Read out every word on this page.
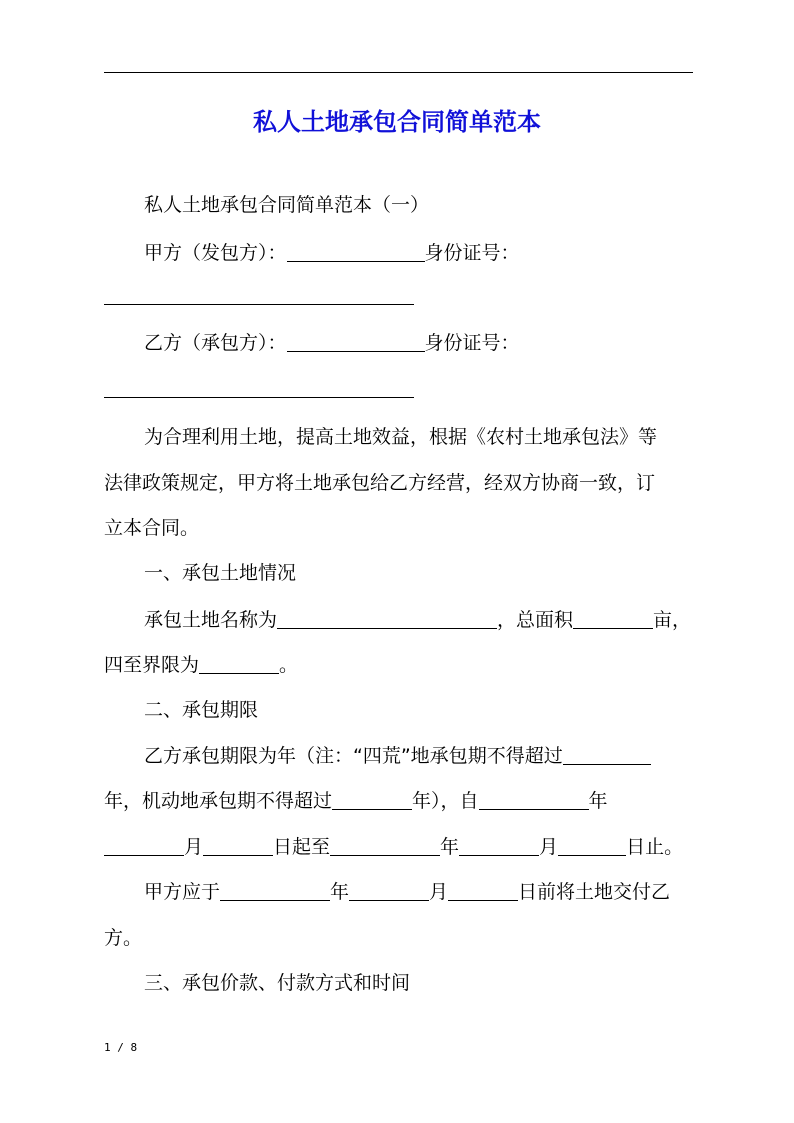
私人土地承包合同简单范本

私人土地承包合同简单范本（一）

甲方（发包方）：	身份证号：

乙方（承包方）：	身份证号：

为合理利用土地，提高土地效益，根据《农村土地承包法》等

法律政策规定，甲方将土地承包给乙方经营，经双方协商一致，订

立本合同。

一、承包土地情况

承包土地名称为	，总面积	亩，

四至界限为	。

二、承包期限

乙方承包期限为年（注：“四荒”地承包期不得超过

年，机动地承包期不得超过	年），自	年

月	日起至	年	月	日止。

甲方应于	年	月	日前将土地交付乙

方。

三、承包价款、付款方式和时间

1 / 8
